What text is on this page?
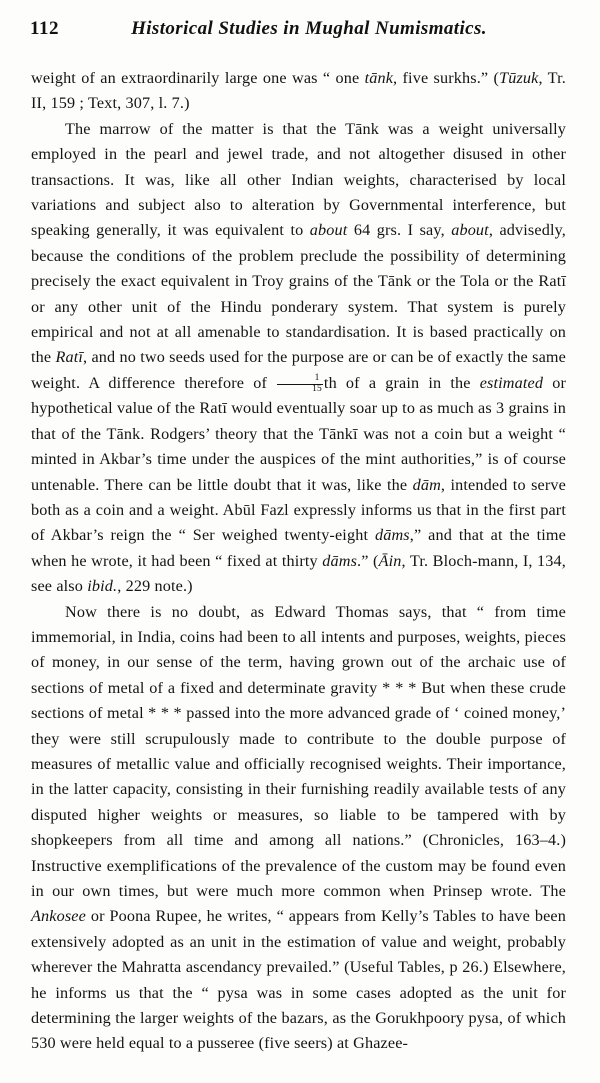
112	Historical Studies in Mughal Numismatics.

weight of an extraordinarily large one was “ one tānk, five surkhs.” (Tūzuk, Tr. II, 159 ; Text, 307, l. 7.)

The marrow of the matter is that the Tānk was a weight universally employed in the pearl and jewel trade, and not altogether disused in other transactions. It was, like all other Indian weights, characterised by local variations and subject also to alteration by Governmental interference, but speaking generally, it was equivalent to about 64 grs. I say, about, advisedly, because the conditions of the problem preclude the possibility of determining precisely the exact equivalent in Troy grains of the Tānk or the Tola or the Ratī or any other unit of the Hindu ponderary system. That system is purely empirical and not at all amenable to standardisation. It is based practically on the Ratī, and no two seeds used for the purpose are or can be of exactly the same weight. A difference therefore of $\frac{1}{15}$ th of a grain in the estimated or hypothetical value of the Ratī would eventually soar up to as much as 3 grains in that of the Tānk. Rodgers’ theory that the Tānkī was not a coin but a weight “ minted in Akbar’s time under the auspices of the mint authorities,” is of course untenable. There can be little doubt that it was, like the dām, intended to serve both as a coin and a weight. Abūl Fazl expressly informs us that in the first part of Akbar’s reign the “ Ser weighed twenty-eight dāms,” and that at the time when he wrote, it had been “ fixed at thirty dāms.” (Āin, Tr. Bloch-mann, I, 134, see also ibid., 229 note.)

Now there is no doubt, as Edward Thomas says, that “ from time immemorial, in India, coins had been to all intents and purposes, weights, pieces of money, in our sense of the term, having grown out of the archaic use of sections of metal of a fixed and determinate gravity * * * But when these crude sections of metal * * * passed into the more advanced grade of ‘ coined money,’ they were still scrupulously made to contribute to the double purpose of measures of metallic value and officially recognised weights. Their importance, in the latter capacity, consisting in their furnishing readily available tests of any disputed higher weights or measures, so liable to be tampered with by shopkeepers from all time and among all nations.” (Chronicles, 163–4.) Instructive exemplifications of the prevalence of the custom may be found even in our own times, but were much more common when Prinsep wrote. The Ankosee or Poona Rupee, he writes, “ appears from Kelly’s Tables to have been extensively adopted as an unit in the estimation of value and weight, probably wherever the Mahratta ascendancy prevailed.” (Useful Tables, p 26.) Elsewhere, he informs us that the “ pysa was in some cases adopted as the unit for determining the larger weights of the bazars, as the Gorukhpoory pysa, of which 530 were held equal to a pusseree (five seers) at Ghazee-
